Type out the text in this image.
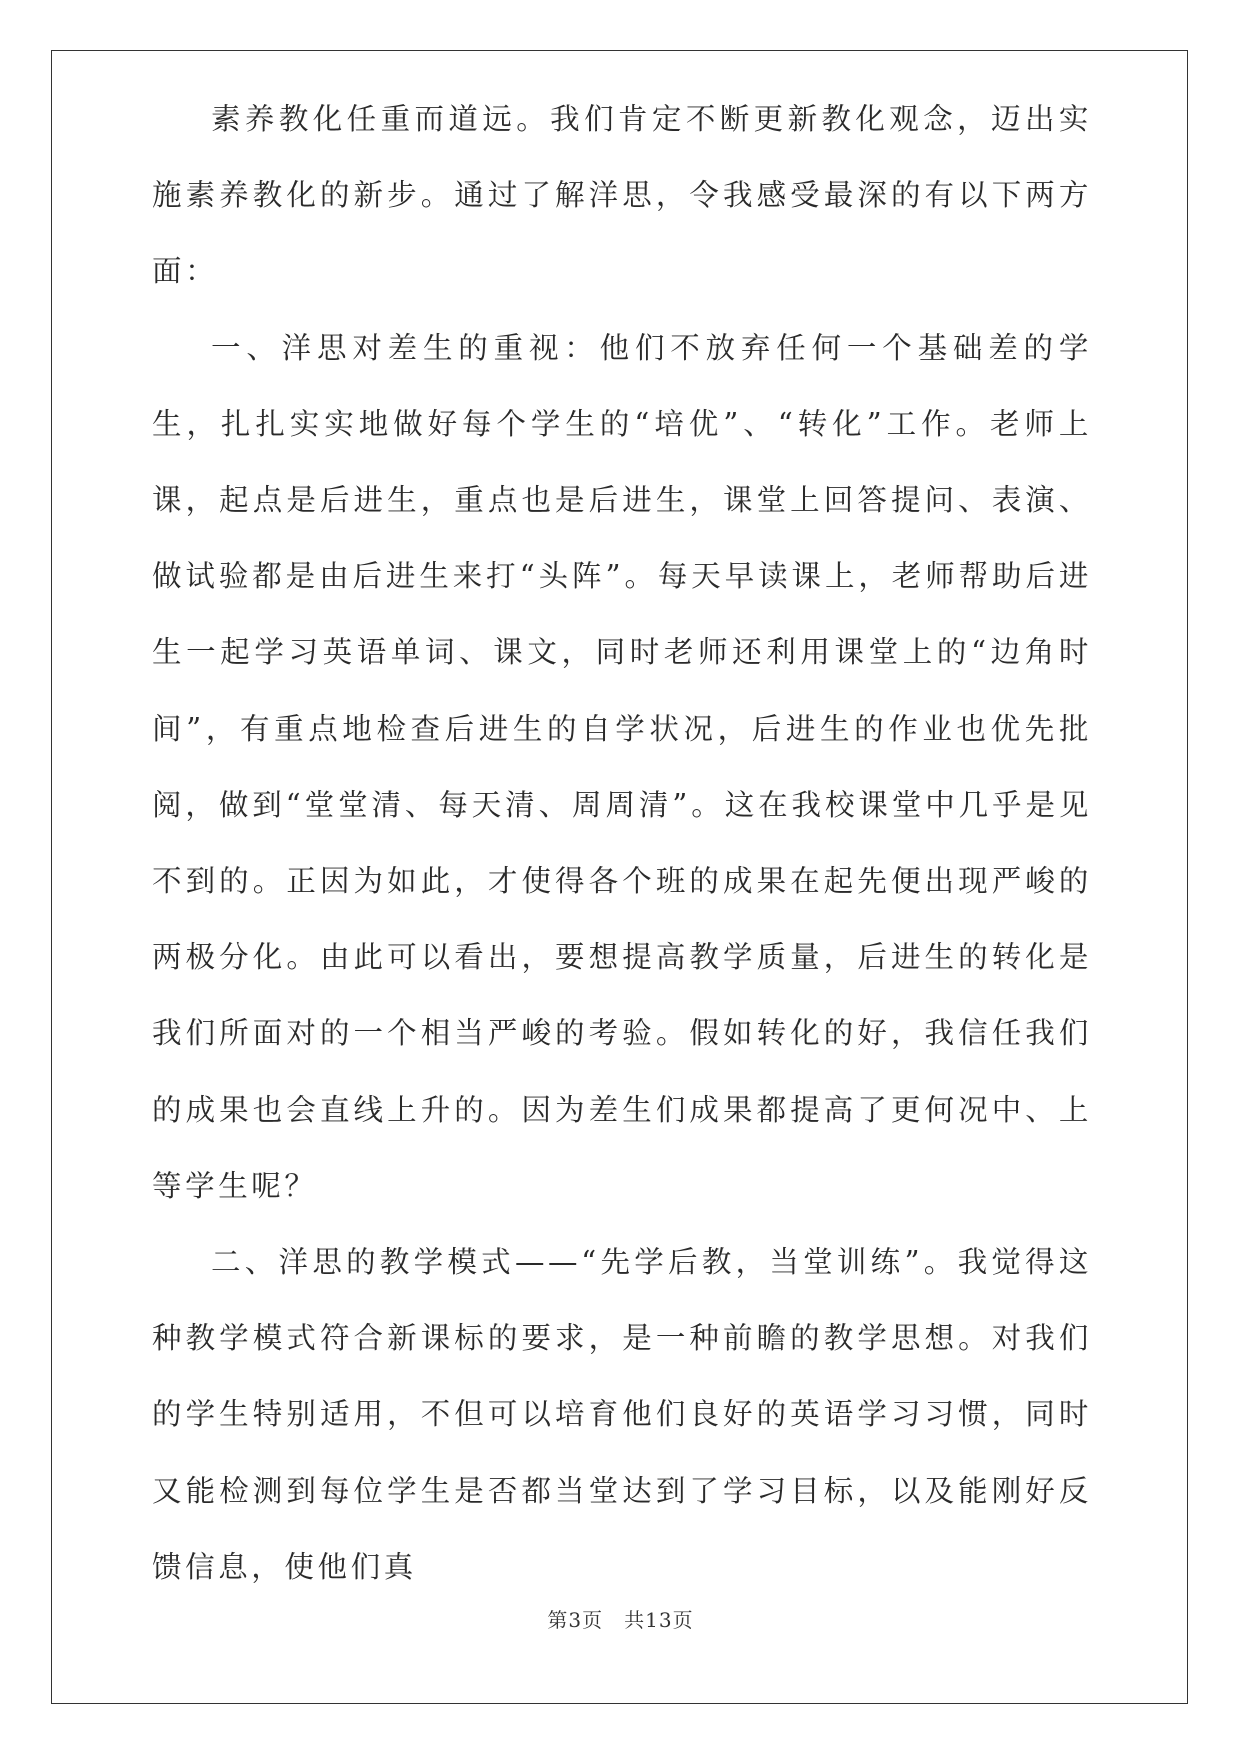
素养教化任重而道远。我们肯定不断更新教化观念，迈出实施素养教化的新步。通过了解洋思，令我感受最深的有以下两方面：

一、洋思对差生的重视：他们不放弃任何一个基础差的学生，扎扎实实地做好每个学生的“培优”、“转化”工作。老师上课，起点是后进生，重点也是后进生，课堂上回答提问、表演、做试验都是由后进生来打“头阵”。每天早读课上，老师帮助后进生一起学习英语单词、课文，同时老师还利用课堂上的“边角时间”，有重点地检查后进生的自学状况，后进生的作业也优先批阅，做到“堂堂清、每天清、周周清”。这在我校课堂中几乎是见不到的。正因为如此，才使得各个班的成果在起先便出现严峻的两极分化。由此可以看出，要想提高教学质量，后进生的转化是我们所面对的一个相当严峻的考验。假如转化的好，我信任我们的成果也会直线上升的。因为差生们成果都提高了更何况中、上等学生呢？

二、洋思的教学模式——“先学后教，当堂训练”。我觉得这种教学模式符合新课标的要求，是一种前瞻的教学思想。对我们的学生特别适用，不但可以培育他们良好的英语学习习惯，同时又能检测到每位学生是否都当堂达到了学习目标，以及能刚好反馈信息，使他们真

第3页　共13页
